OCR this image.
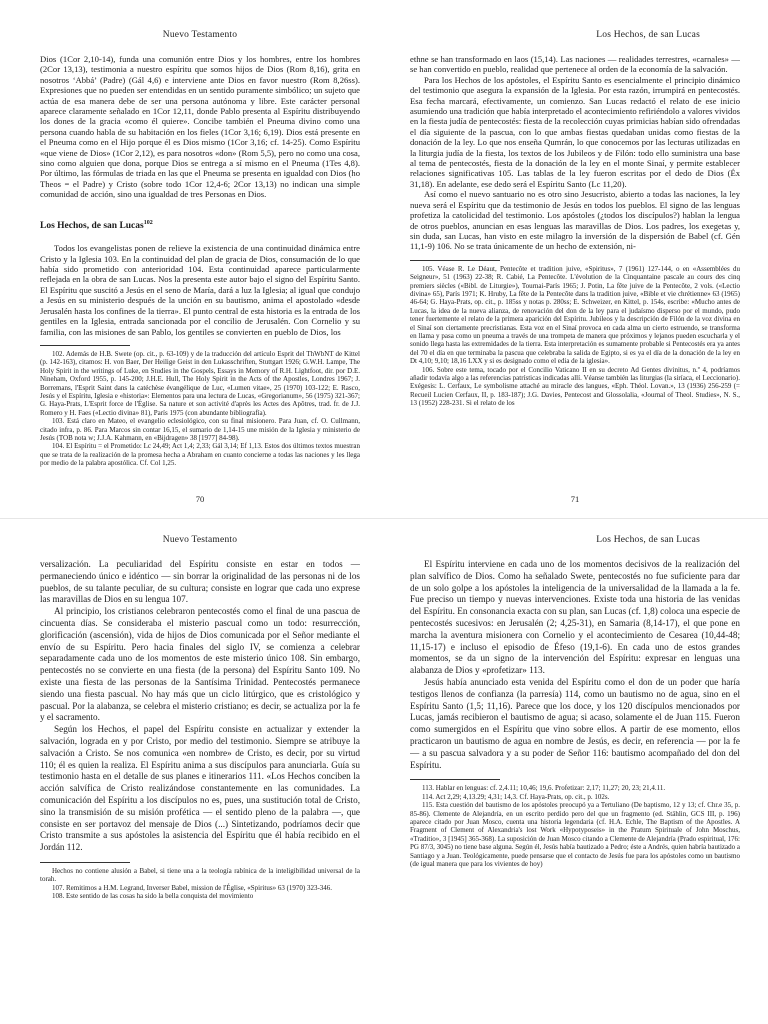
Nuevo Testamento

Dios (1Cor 2,10-14), funda una comunión entre Dios y los hombres, entre los hombres (2Cor 13,13), testimonia a nuestro espíritu que somos hijos de Dios (Rom 8,16), grita en nosotros ‘Abbá’ (Padre) (Gál 4,6) e interviene ante Dios en favor nuestro (Rom 8,26ss). Expresiones que no pueden ser entendidas en un sentido puramente simbólico; un sujeto que actúa de esa manera debe de ser una persona autónoma y libre. Este carácter personal aparece claramente señalado en 1Cor 12,11, donde Pablo presenta al Espíritu distribuyendo los dones de la gracia «como él quiere». Concibe también el Pneuma divino como una persona cuando habla de su habitación en los fieles (1Cor 3,16; 6,19). Dios está presente en el Pneuma como en el Hijo porque él es Dios mismo (1Cor 3,16; cf. 14-25). Como Espíritu «que viene de Dios» (1Cor 2,12), es para nosotros «don» (Rom 5,5), pero no como una cosa, sino como alguien que dona, porque Dios se entrega a sí mismo en el Pneuma (1Tes 4,8). Por último, las fórmulas de triada en las que el Pneuma se presenta en igualdad con Dios (ho Theos = el Padre) y Cristo (sobre todo 1Cor 12,4-6; 2Cor 13,13) no indican una simple comunidad de acción, sino una igualdad de tres Personas en Dios.

Los Hechos, de san Lucas$^{102}$

Todos los evangelistas ponen de relieve la existencia de una continuidad dinámica entre Cristo y la Iglesia 103. En la continuidad del plan de gracia de Dios, consumación de lo que había sido prometido con anterioridad 104. Esta continuidad aparece particularmente reflejada en la obra de san Lucas. Nos la presenta este autor bajo el signo del Espíritu Santo. El Espíritu que suscitó a Jesús en el seno de María, dará a luz la Iglesia; al igual que condujo a Jesús en su ministerio después de la unción en su bautismo, anima el apostolado «desde Jerusalén hasta los confines de la tierra». El punto central de esta historia es la entrada de los gentiles en la Iglesia, entrada sancionada por el concilio de Jerusalén. Con Cornelio y su familia, con las misiones de san Pablo, los gentiles se convierten en pueblo de Dios, los

102. Además de H.B. Swete (op. cit., p. 63-109) y de la traducción del artículo Esprit del ThWbNT de Kittel (p. 142-163), citamos: H. von Baer, Der Heilige Geist in den Lukasschriften, Stuttgart 1926; G.W.H. Lampe, The Holy Spirit in the writings of Luke, en Studies in the Gospels, Essays in Memory of R.H. Lightfoot, dir. por D.E. Nineham, Oxford 1955, p. 145-200; J.H.E. Hull, The Holy Spirit in the Acts of the Apostles, Londres 1967; J. Borremans, l'Esprit Saint dans la catéchèse évangélique de Luc, «Lumen vitae», 25 (1970) 103-122; E. Rasco, Jesús y el Espíritu, Iglesia e «historia»: Elementos para una lectura de Lucas, «Gregorianum», 56 (1975) 321-367; G. Haya-Prats, L'Esprit force de l'Église. Sa nature et son activité d'après les Actes des Apôtres, trad. fr. de J.J. Romero y H. Faes («Lectio divina» 81), París 1975 (con abundante bibliografía).

103. Está claro en Mateo, el evangelio eclesiológico, con su final misionero. Para Juan, cf. O. Cullmann, citado infra, p. 86. Para Marcos sin contar 16,15, el sumario de 1,14-15 une misión de la Iglesia y ministerio de Jesús (TOB nota w; J.J.A. Kahmann, en «Bijdragen» 38 [1977] 84-98).

104. El Espíritu = el Prometido: Lc 24,49; Act 1,4; 2,33; Gál 3,14; Ef 1,13. Estos dos últimos textos muestran que se trata de la realización de la promesa hecha a Abraham en cuanto concierne a todas las naciones y les llega por medio de la palabra apostólica. Cf. Col 1,25.

70
Los Hechos, de san Lucas

ethne se han transformado en laos (15,14). Las naciones — realidades terrestres, «carnales» — se han convertido en pueblo, realidad que pertenece al orden de la economía de la salvación.

Para los Hechos de los apóstoles, el Espíritu Santo es esencialmente el principio dinámico del testimonio que asegura la expansión de la Iglesia. Por esta razón, irrumpirá en pentecostés. Esa fecha marcará, efectivamente, un comienzo. San Lucas redactó el relato de ese inicio asumiendo una tradición que había interpretado el acontecimiento refiriéndolo a valores vividos en la fiesta judía de pentecostés: fiesta de la recolección cuyas primicias habían sido ofrendadas el día siguiente de la pascua, con lo que ambas fiestas quedaban unidas como fiestas de la donación de la ley. Lo que nos enseña Qumrán, lo que conocemos por las lecturas utilizadas en la liturgia judía de la fiesta, los textos de los Jubileos y de Filón: todo ello suministra una base al tema de pentecostés, fiesta de la donación de la ley en el monte Sinaí, y permite establecer relaciones significativas 105. Las tablas de la ley fueron escritas por el dedo de Dios (Éx 31,18). En adelante, ese dedo será el Espíritu Santo (Lc 11,20).

Así como el nuevo santuario no es otro sino Jesucristo, abierto a todas las naciones, la ley nueva será el Espíritu que da testimonio de Jesús en todos los pueblos. El signo de las lenguas profetiza la catolicidad del testimonio. Los apóstoles (¿todos los discípulos?) hablan la lengua de otros pueblos, anuncian en esas lenguas las maravillas de Dios. Los padres, los exegetas y, sin duda, san Lucas, han visto en este milagro la inversión de la dispersión de Babel (cf. Gén 11,1-9) 106. No se trata únicamente de un hecho de extensión, ni-

105. Véase R. Le Déaut, Pentecôte et tradition juive, «Spiritus», 7 (1961) 127-144, o en «Assemblées du Seigneur», 51 (1963) 22-38; R. Cabié, La Pentecôte. L'évolution de la Cinquantaine pascale au cours des cinq premiers siècles («Bibl. de Liturgie»), Tournai-París 1965; J. Potin, La fête juive de la Pentecôte, 2 vols. («Lectio divina» 65), París 1971; K. Hruby, La fête de la Pentecôte dans la tradition juive, «Bible et vie chrétienne» 63 (1965) 46-64; G. Haya-Prats, op. cit., p. 185ss y notas p. 280ss; E. Schweizer, en Kittel, p. 154s, escribe: «Mucho antes de Lucas, la idea de la nueva alianza, de renovación del don de la ley para el judaísmo disperso por el mundo, pudo tener fuertemente el relato de la primera aparición del Espíritu. Jubileos y la descripción de Filón de la voz divina en el Sinaí son ciertamente precristianas. Esta voz en el Sinaí provoca en cada alma un cierto estruendo, se transforma en llama y pasa como un pneuma a través de una trompeta de manera que próximos y lejanos pueden escucharla y el sonido llega hasta las extremidades de la tierra. Esta interpretación es sumamente probable si Pentecostés era ya antes del 70 el día en que terminaba la pascua que celebraba la salida de Egipto, si es ya el día de la donación de la ley en Dt 4,10; 9,10; 18,16 LXX y si es designado como el edia de la iglesia».

106. Sobre este tema, tocado por el Concilio Vaticano II en su decreto Ad Gentes divinitus, n.º 4, podríamos añadir todavía algo a las referencias patrísticas indicadas allí. Véanse también las liturgias (la siríaca, el Leccionario). Exégesis: L. Cerfaux, Le symbolisme attaché au miracle des langues, «Eph. Théol. Lovan.», 13 (1936) 256-259 (= Recueil Lucien Cerfaux, II, p. 183-187); J.G. Davies, Pentecost and Glossolalia, «Journal of Theol. Studies», N. S., 13 (1952) 228-231. Si el relato de los

71
Nuevo Testamento

versalización. La peculiaridad del Espíritu consiste en estar en todos — permaneciendo único e idéntico — sin borrar la originalidad de las personas ni de los pueblos, de su talante peculiar, de su cultura; consiste en lograr que cada uno exprese las maravillas de Dios en su lengua 107.

Al principio, los cristianos celebraron pentecostés como el final de una pascua de cincuenta días. Se consideraba el misterio pascual como un todo: resurrección, glorificación (ascensión), vida de hijos de Dios comunicada por el Señor mediante el envío de su Espíritu. Pero hacia finales del siglo IV, se comienza a celebrar separadamente cada uno de los momentos de este misterio único 108. Sin embargo, pentecostés no se convierte en una fiesta (de la persona) del Espíritu Santo 109. No existe una fiesta de las personas de la Santísima Trinidad. Pentecostés permanece siendo una fiesta pascual. No hay más que un ciclo litúrgico, que es cristológico y pascual. Por la alabanza, se celebra el misterio cristiano; es decir, se actualiza por la fe y el sacramento.

Según los Hechos, el papel del Espíritu consiste en actualizar y extender la salvación, lograda en y por Cristo, por medio del testimonio. Siempre se atribuye la salvación a Cristo. Se nos comunica «en nombre» de Cristo, es decir, por su virtud 110; él es quien la realiza. El Espíritu anima a sus discípulos para anunciarla. Guía su testimonio hasta en el detalle de sus planes e itinerarios 111. «Los Hechos conciben la acción salvífica de Cristo realizándose constantemente en las comunidades. La comunicación del Espíritu a los discípulos no es, pues, una sustitución total de Cristo, sino la transmisión de su misión profética — el sentido pleno de la palabra —, que consiste en ser portavoz del mensaje de Dios (...) Sintetizando, podríamos decir que Cristo transmite a sus apóstoles la asistencia del Espíritu que él había recibido en el Jordán 112.

Hechos no contiene alusión a Babel, si tiene una a la teología rabínica de la inteligibilidad universal de la torah.

107. Remitimos a H.M. Legrand, Inverser Babel, mission de l'Église, «Spiritus» 63 (1970) 323-346.

108. Este sentido de las cosas ha sido la bella conquista del movimiento

Los Hechos, de san Lucas

El Espíritu interviene en cada uno de los momentos decisivos de la realización del plan salvífico de Dios. Como ha señalado Swete, pentecostés no fue suficiente para dar de un solo golpe a los apóstoles la inteligencia de la universalidad de la llamada a la fe. Fue preciso un tiempo y nuevas intervenciones. Existe toda una historia de las venidas del Espíritu. En consonancia exacta con su plan, san Lucas (cf. 1,8) coloca una especie de pentecostés sucesivos: en Jerusalén (2; 4,25-31), en Samaria (8,14-17), el que pone en marcha la aventura misionera con Cornelio y el acontecimiento de Cesarea (10,44-48; 11,15-17) e incluso el episodio de Éfeso (19,1-6). En cada uno de estos grandes momentos, se da un signo de la intervención del Espíritu: expresar en lenguas una alabanza de Dios y «profetizar» 113.

Jesús había anunciado esta venida del Espíritu como el don de un poder que haría testigos llenos de confianza (la parresía) 114, como un bautismo no de agua, sino en el Espíritu Santo (1,5; 11,16). Parece que los doce, y los 120 discípulos mencionados por Lucas, jamás recibieron el bautismo de agua; si acaso, solamente el de Juan 115. Fueron como sumergidos en el Espíritu que vino sobre ellos. A partir de ese momento, ellos practicaron un bautismo de agua en nombre de Jesús, es decir, en referencia — por la fe — a su pascua salvadora y a su poder de Señor 116: bautismo acompañado del don del Espíritu.

113. Hablar en lenguas: cf. 2,4.11; 10,46; 19,6. Profetizar: 2,17; 11,27; 20, 23; 21,4.11.

114. Act 2,29; 4,13.29; 4,31; 14,3. Cf. Haya-Prats, op. cit., p. 102s.

115. Esta cuestión del bautismo de los apóstoles preocupó ya a Tertuliano (De baptismo, 12 y 13; cf. Chr.e 35, p. 85-86). Clemente de Alejandría, en un escrito perdido pero del que un fragmento (ed. Stählin, GCS III, p. 196) aparece citado por Juan Mosco, cuenta una historia legendaria (cf. H.A. Echle, The Baptism of the Apostles. A Fragment of Clement of Alexandria's lost Work «Hypotyposeis» in the Pratum Spirituale of John Moschus, «Traditio», 3 [1945] 365-368). La suposición de Juan Mosco citando a Clemente de Alejandría (Prado espiritual, 176: PG 87/3, 3045) no tiene base alguna. Según él, Jesús había bautizado a Pedro; éste a Andrés, quien habría bautizado a Santiago y a Juan. Teológicamente, puede pensarse que el contacto de Jesús fue para los apóstoles como un bautismo (de igual manera que para los vivientes de hoy)
